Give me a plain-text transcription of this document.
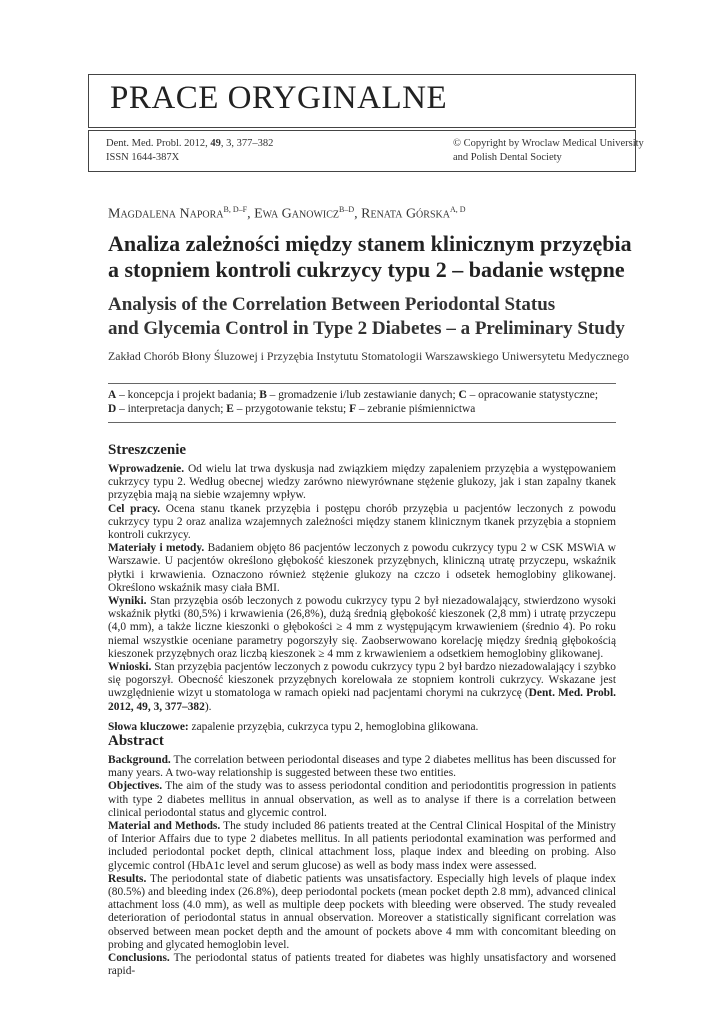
PRACE ORYGINALNE
Dent. Med. Probl. 2012, 49, 3, 377–382
ISSN 1644-387X
© Copyright by Wroclaw Medical University
and Polish Dental Society
Magdalena Napora$^{B, D-F}$, Ewa Ganowicz$^{B-D}$, Renata Górska$^{A, D}$
Analiza zależności między stanem klinicznym przyzębia
a stopniem kontroli cukrzycy typu 2 – badanie wstępne
Analysis of the Correlation Between Periodontal Status
and Glycemia Control in Type 2 Diabetes – a Preliminary Study
Zakład Chorób Błony Śluzowej i Przyzębia Instytutu Stomatologii Warszawskiego Uniwersytetu Medycznego
A – koncepcja i projekt badania; B – gromadzenie i/lub zestawianie danych; C – opracowanie statystyczne;
D – interpretacja danych; E – przygotowanie tekstu; F – zebranie piśmiennictwa
Streszczenie
Wprowadzenie. Od wielu lat trwa dyskusja nad związkiem między zapaleniem przyzębia a występowaniem cukrzycy typu 2. Według obecnej wiedzy zarówno niewyrównane stężenie glukozy, jak i stan zapalny tkanek przyzębia mają na siebie wzajemny wpływ.
Cel pracy. Ocena stanu tkanek przyzębia i postępu chorób przyzębia u pacjentów leczonych z powodu cukrzycy typu 2 oraz analiza wzajemnych zależności między stanem klinicznym tkanek przyzębia a stopniem kontroli cukrzycy.
Materiały i metody. Badaniem objęto 86 pacjentów leczonych z powodu cukrzycy typu 2 w CSK MSWiA w Warszawie. U pacjentów określono głębokość kieszonek przyzębnych, kliniczną utratę przyczepu, wskaźnik płytki i krwawienia. Oznaczono również stężenie glukozy na czczo i odsetek hemoglobiny glikowanej. Określono wskaźnik masy ciała BMI.
Wyniki. Stan przyzębia osób leczonych z powodu cukrzycy typu 2 był niezadowalający, stwierdzono wysoki wskaźnik płytki (80,5%) i krwawienia (26,8%), dużą średnią głębokość kieszonek (2,8 mm) i utratę przyczepu (4,0 mm), a także liczne kieszonki o głębokości ≥ 4 mm z występującym krwawieniem (średnio 4). Po roku niemal wszystkie oceniane parametry pogorszyły się. Zaobserwowano korelację między średnią głębokością kieszonek przyzębnych oraz liczbą kieszonek ≥ 4 mm z krwawieniem a odsetkiem hemoglobiny glikowanej.
Wnioski. Stan przyzębia pacjentów leczonych z powodu cukrzycy typu 2 był bardzo niezadowalający i szybko się pogorszył. Obecność kieszonek przyzębnych korelowała ze stopniem kontroli cukrzycy. Wskazane jest uwzględnienie wizyt u stomatologa w ramach opieki nad pacjentami chorymi na cukrzycę (Dent. Med. Probl. 2012, 49, 3, 377–382).
Słowa kluczowe: zapalenie przyzębia, cukrzyca typu 2, hemoglobina glikowana.
Abstract
Background. The correlation between periodontal diseases and type 2 diabetes mellitus has been discussed for many years. A two-way relationship is suggested between these two entities.
Objectives. The aim of the study was to assess periodontal condition and periodontitis progression in patients with type 2 diabetes mellitus in annual observation, as well as to analyse if there is a correlation between clinical periodontal status and glycemic control.
Material and Methods. The study included 86 patients treated at the Central Clinical Hospital of the Ministry of Interior Affairs due to type 2 diabetes mellitus. In all patients periodontal examination was performed and included periodontal pocket depth, clinical attachment loss, plaque index and bleeding on probing. Also glycemic control (HbA1c level and serum glucose) as well as body mass index were assessed.
Results. The periodontal state of diabetic patients was unsatisfactory. Especially high levels of plaque index (80.5%) and bleeding index (26.8%), deep periodontal pockets (mean pocket depth 2.8 mm), advanced clinical attachment loss (4.0 mm), as well as multiple deep pockets with bleeding were observed. The study revealed deterioration of periodontal status in annual observation. Moreover a statistically significant correlation was observed between mean pocket depth and the amount of pockets above 4 mm with concomitant bleeding on probing and glycated hemoglobin level.
Conclusions. The periodontal status of patients treated for diabetes was highly unsatisfactory and worsened rapid-
